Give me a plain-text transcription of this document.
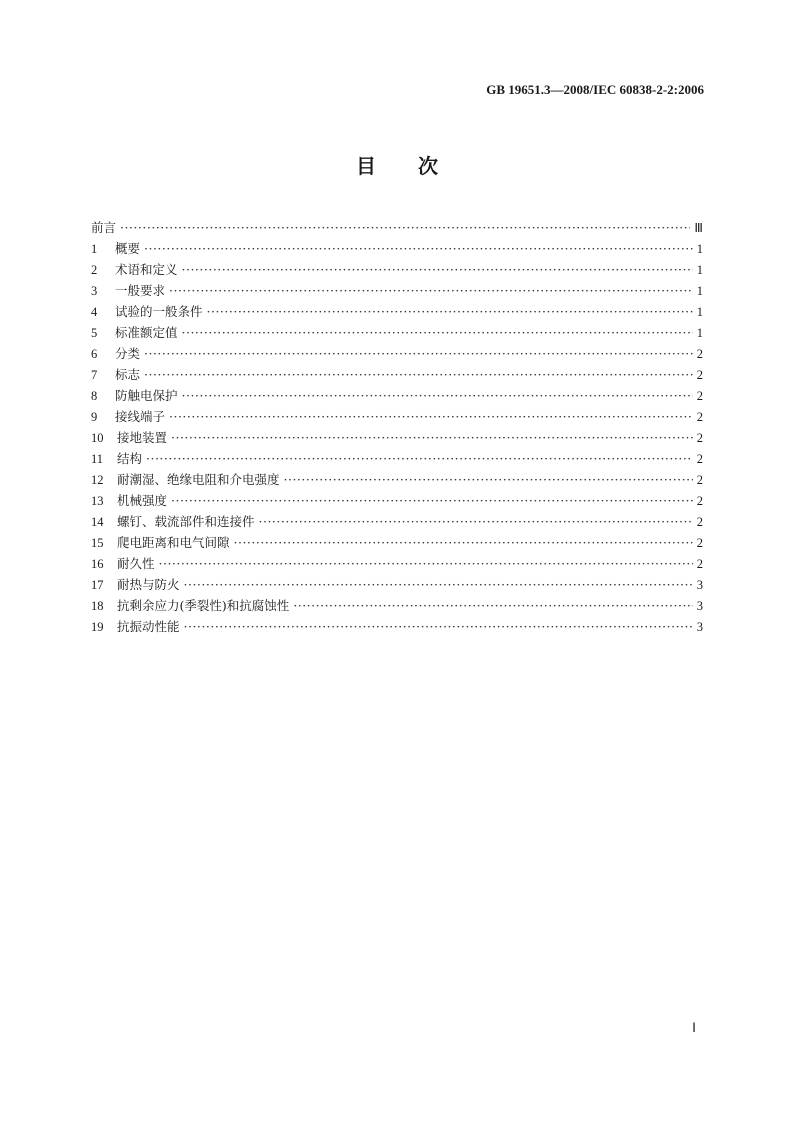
GB 19651.3—2008/IEC 60838-2-2:2006
目次
前言 ·····	Ⅲ
1	概要 ·····	1
2	术语和定义 ·····	1
3	一般要求 ·····	1
4	试验的一般条件 ·····	1
5	标准额定值 ·····	1
6	分类 ·····	2
7	标志 ·····	2
8	防触电保护 ·····	2
9	接线端子 ·····	2
10	接地装置 ·····	2
11	结构 ·····	2
12	耐潮湿、绝缘电阻和介电强度 ·····	2
13	机械强度 ·····	2
14	螺钉、载流部件和连接件 ·····	2
15	爬电距离和电气间隙 ·····	2
16	耐久性 ·····	2
17	耐热与防火 ·····	3
18	抗剩余应力(季裂性)和抗腐蚀性 ·····	3
19	抗振动性能 ·····	3
Ⅰ
